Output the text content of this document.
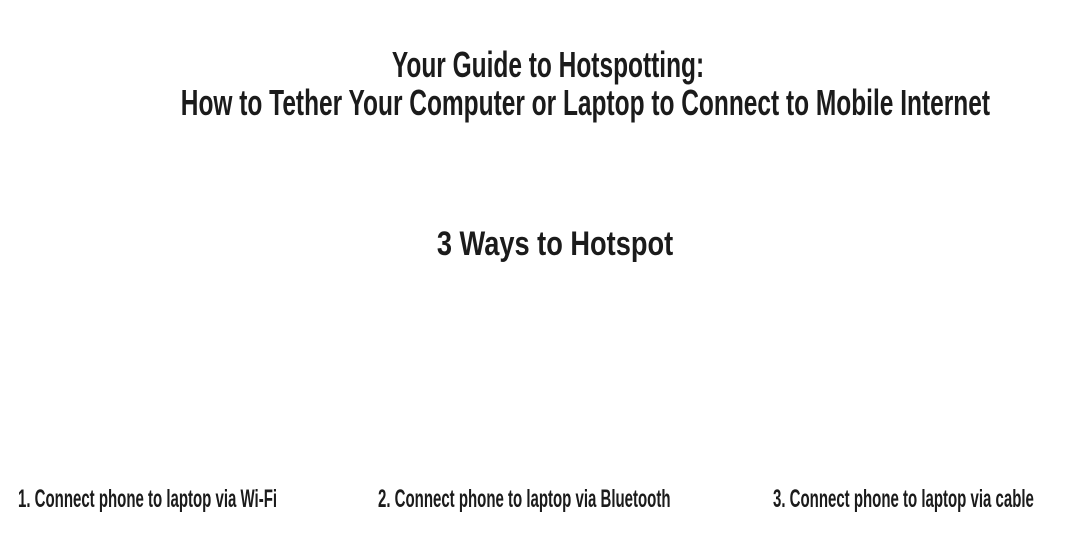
Your Guide to Hotspotting:
How to Tether Your Computer or Laptop to Connect to Mobile Internet
3 Ways to Hotspot

1. Connect phone to laptop via Wi-Fi	2. Connect phone to laptop via Bluetooth	3. Connect phone to laptop via cable
